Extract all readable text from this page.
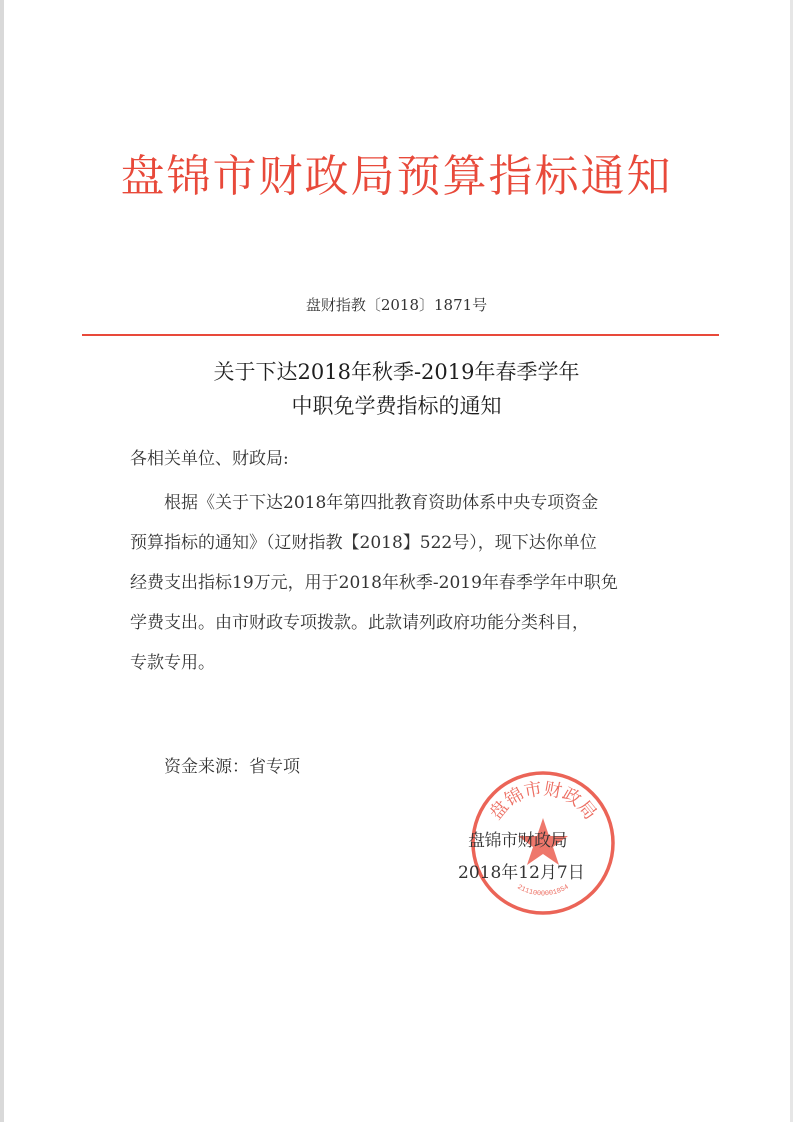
盘锦市财政局预算指标通知
盘财指教〔2018〕1871号
关于下达2018年秋季-2019年春季学年
中职免学费指标的通知
各相关单位、财政局:
根据《关于下达2018年第四批教育资助体系中央专项资金
预算指标的通知》（辽财指教【2018】522号），现下达你单位
经费支出指标19万元，用于2018年秋季-2019年春季学年中职免
学费支出。由市财政专项拨款。此款请列政府功能分类科目，
专款专用。
资金来源：省专项
盘锦市财政局
2111000001854
盘锦市财政局
2018年12月7日
